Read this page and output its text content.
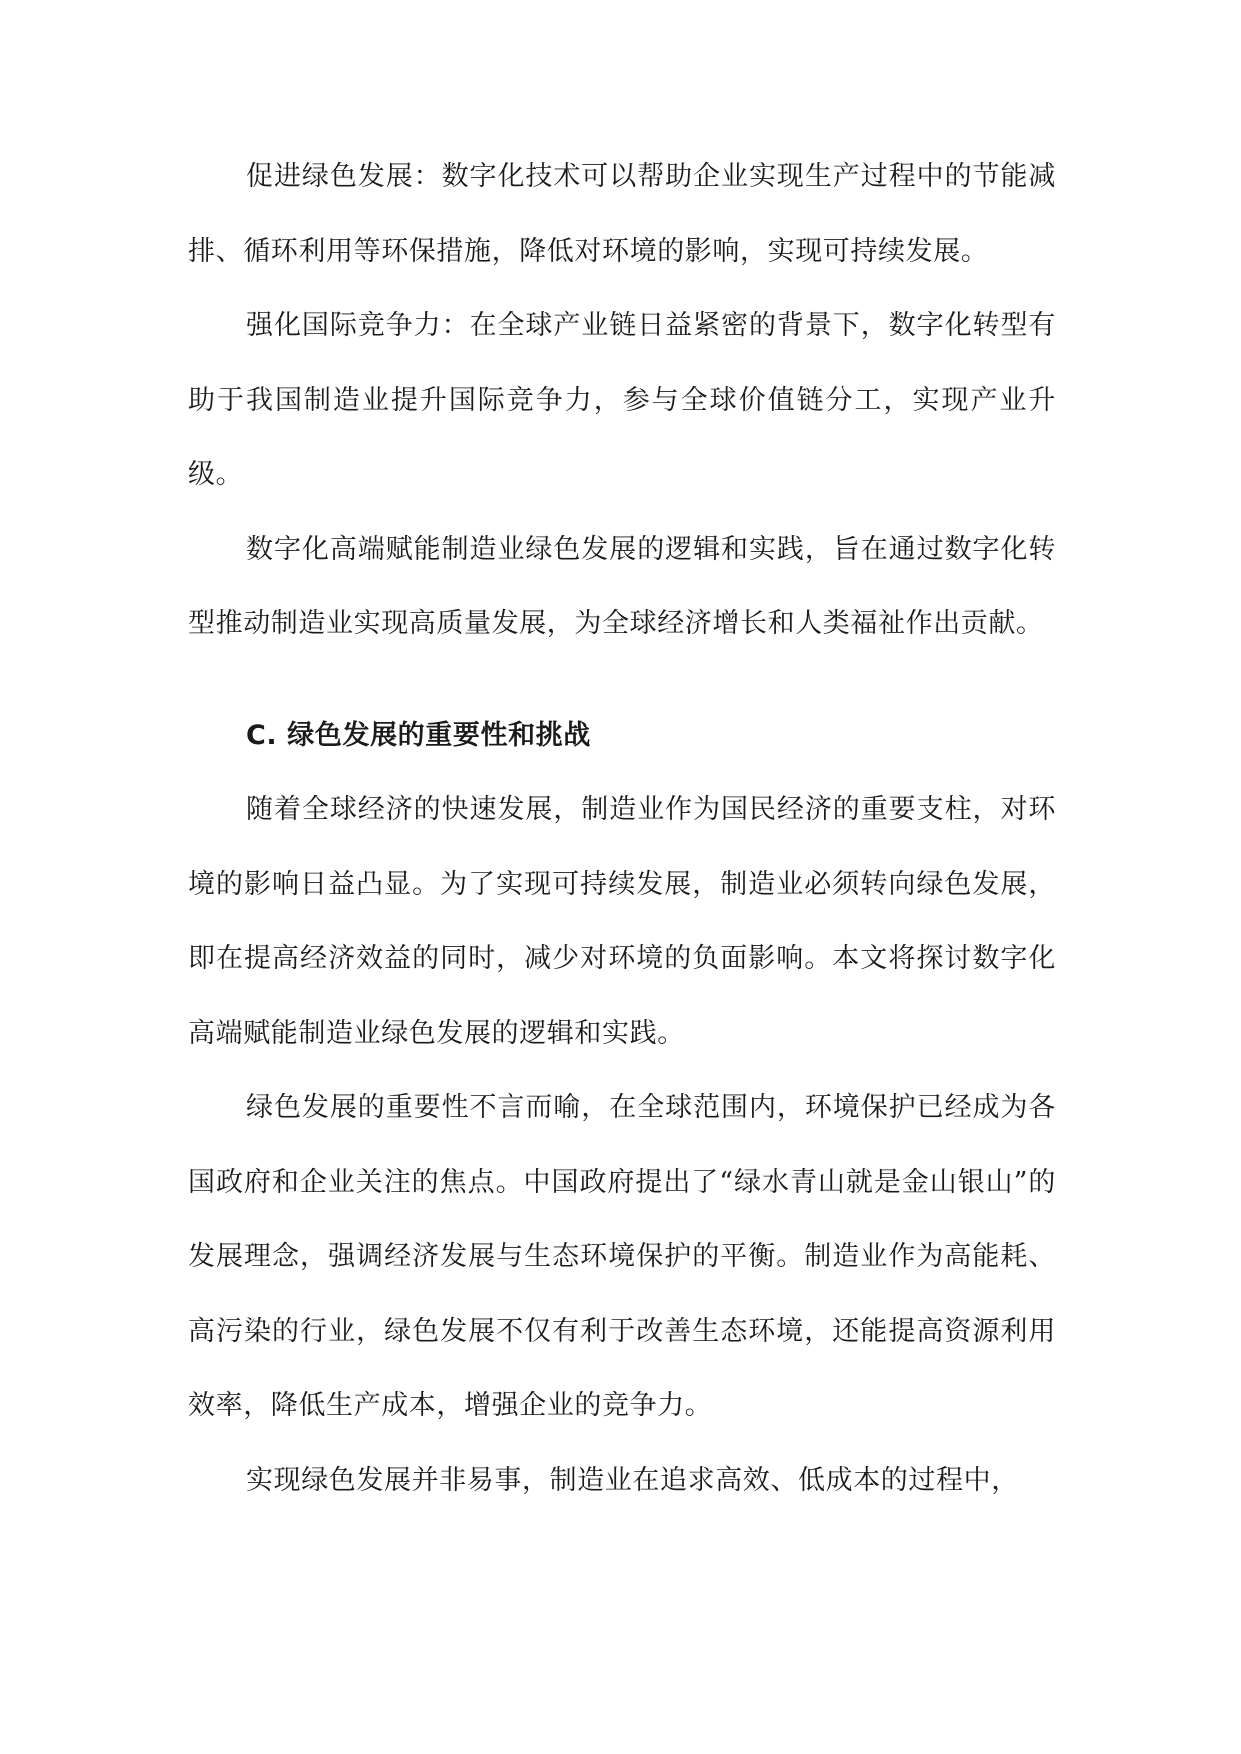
促进绿色发展：数字化技术可以帮助企业实现生产过程中的节能减排、循环利用等环保措施，降低对环境的影响，实现可持续发展。

强化国际竞争力：在全球产业链日益紧密的背景下，数字化转型有助于我国制造业提升国际竞争力，参与全球价值链分工，实现产业升级。

数字化高端赋能制造业绿色发展的逻辑和实践，旨在通过数字化转型推动制造业实现高质量发展，为全球经济增长和人类福祉作出贡献。

C. 绿色发展的重要性和挑战

随着全球经济的快速发展，制造业作为国民经济的重要支柱，对环境的影响日益凸显。为了实现可持续发展，制造业必须转向绿色发展，即在提高经济效益的同时，减少对环境的负面影响。本文将探讨数字化高端赋能制造业绿色发展的逻辑和实践。

绿色发展的重要性不言而喻，在全球范围内，环境保护已经成为各国政府和企业关注的焦点。中国政府提出了“绿水青山就是金山银山”的发展理念，强调经济发展与生态环境保护的平衡。制造业作为高能耗、高污染的行业，绿色发展不仅有利于改善生态环境，还能提高资源利用效率，降低生产成本，增强企业的竞争力。

实现绿色发展并非易事，制造业在追求高效、低成本的过程中，
